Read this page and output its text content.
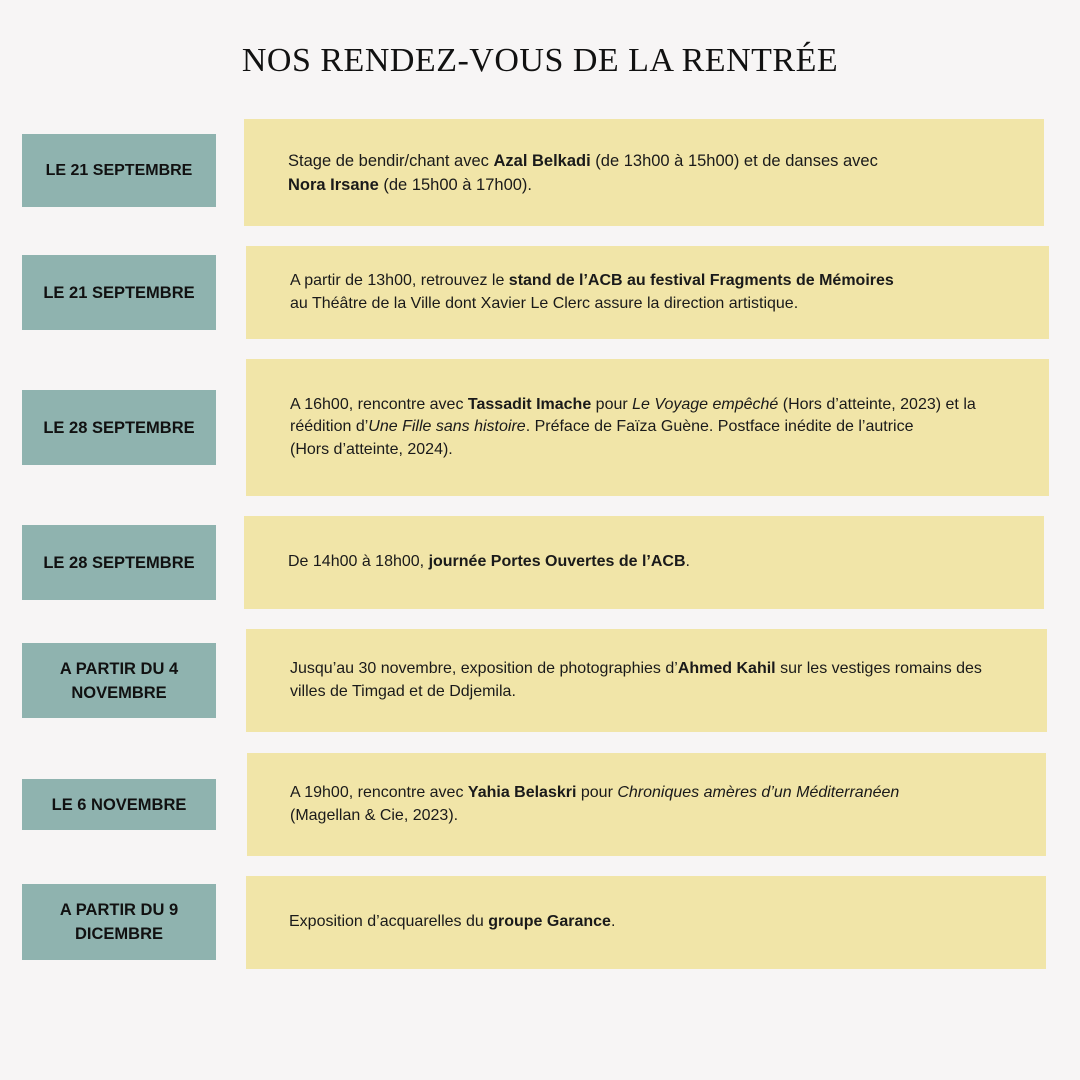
NOS RENDEZ-VOUS DE LA RENTRÉE
LE 21 SEPTEMBRE
Stage de bendir/chant avec Azal Belkadi (de 13h00 à 15h00) et de danses avec
Nora Irsane (de 15h00 à 17h00).
LE 21 SEPTEMBRE
A partir de 13h00, retrouvez le stand de l’ACB au festival Fragments de Mémoires
au Théâtre de la Ville dont Xavier Le Clerc assure la direction artistique.
LE 28 SEPTEMBRE
A 16h00, rencontre avec Tassadit Imache pour Le Voyage empêché (Hors d’atteinte, 2023) et la réédition d’Une Fille sans histoire. Préface de Faïza Guène. Postface inédite de l’autrice
(Hors d’atteinte, 2024).
LE 28 SEPTEMBRE	De 14h00 à 18h00, journée Portes Ouvertes de l’ACB.
A PARTIR DU 4 NOVEMBRE
Jusqu’au 30 novembre, exposition de photographies d’Ahmed Kahil sur les vestiges romains des villes de Timgad et de Ddjemila.
LE 6 NOVEMBRE
A 19h00, rencontre avec Yahia Belaskri pour Chroniques amères d’un Méditerranéen
(Magellan & Cie, 2023).
A PARTIR DU 9 DICEMBRE
Exposition d’acquarelles du groupe Garance.
